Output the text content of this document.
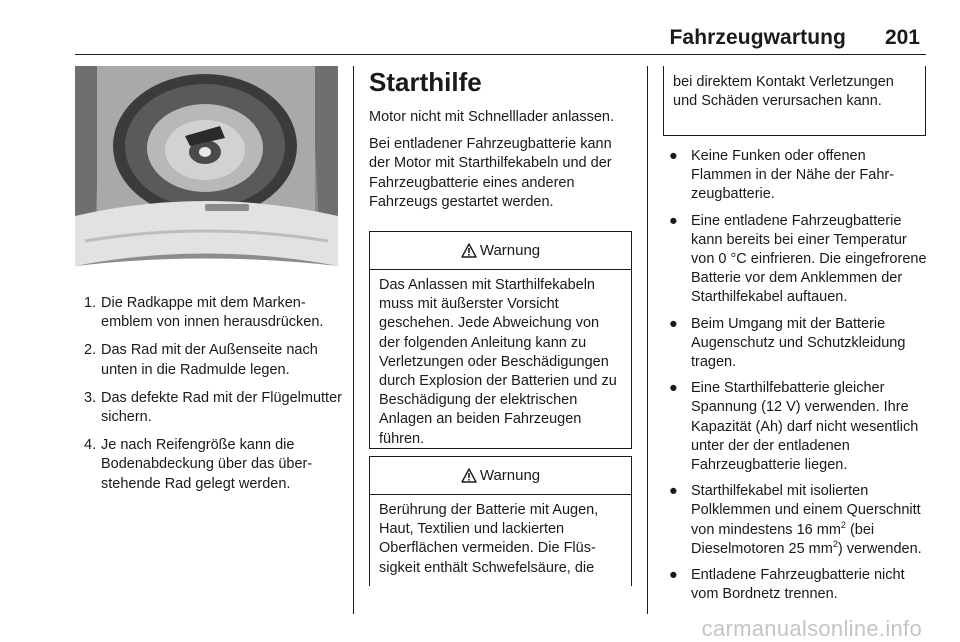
Fahrzeugwartung 201
1. Die Radkappe mit dem Markenemblem von innen herausdrücken.
2. Das Rad mit der Außenseite nach unten in die Radmulde legen.
3. Das defekte Rad mit der Flügelmutter sichern.
4. Je nach Reifengröße kann die Bodenabdeckung über das überstehende Rad gelegt werden.
Starthilfe

Motor nicht mit Schnelllader anlassen.

Bei entladener Fahrzeugbatterie kann der Motor mit Starthilfekabeln und der Fahrzeugbatterie eines anderen Fahrzeugs gestartet werden.

Warnung
Das Anlassen mit Starthilfekabeln muss mit äußerster Vorsicht geschehen. Jede Abweichung von der folgenden Anleitung kann zu Verletzungen oder Beschädigungen durch Explosion der Batterien und zu Beschädigung der elektrischen Anlagen an beiden Fahrzeugen führen.
Warnung
Berührung der Batterie mit Augen, Haut, Textilien und lackierten Oberflächen vermeiden. Die Flüssigkeit enthält Schwefelsäure, die
bei direktem Kontakt Verletzungen und Schäden verursachen kann.
● Keine Funken oder offenen Flammen in der Nähe der Fahrzeugbatterie.
● Eine entladene Fahrzeugbatterie kann bereits bei einer Temperatur von 0 °C einfrieren. Die eingefrorene Batterie vor dem Anklemmen der Starthilfekabel auftauen.
● Beim Umgang mit der Batterie Augenschutz und Schutzkleidung tragen.
● Eine Starthilfebatterie gleicher Spannung (12 V) verwenden. Ihre Kapazität (Ah) darf nicht wesentlich unter der der entladenen Fahrzeugbatterie liegen.
● Starthilfekabel mit isolierten Polklemmen und einem Querschnitt von mindestens 16 $mm^2$ (bei Dieselmotoren 25 $mm^2$) verwenden.
● Entladene Fahrzeugbatterie nicht vom Bordnetz trennen.
carmanualsonline.info
